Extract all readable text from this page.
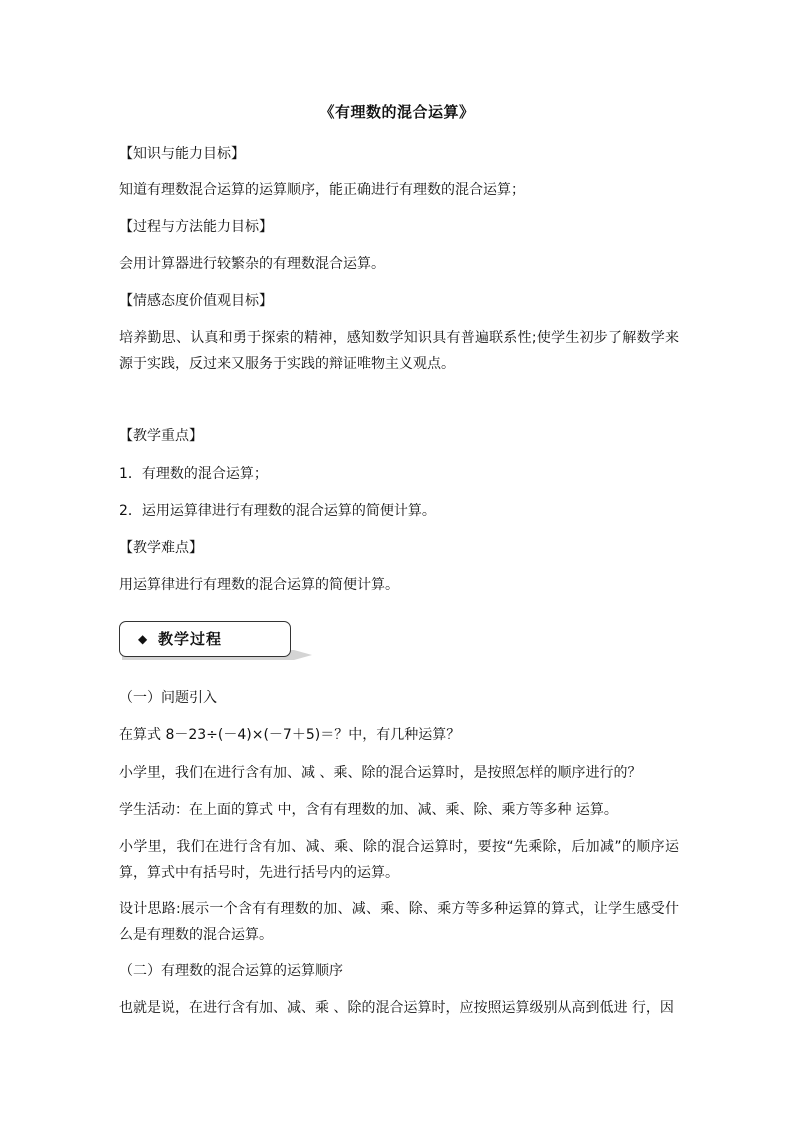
《有理数的混合运算》
【知识与能力目标】
知道有理数混合运算的运算顺序，能正确进行有理数的混合运算；
【过程与方法能力目标】
会用计算器进行较繁杂的有理数混合运算。
【情感态度价值观目标】
培养勤思、认真和勇于探索的精神，感知数学知识具有普遍联系性;使学生初步了解数学来源于实践，反过来又服务于实践的辩证唯物主义观点。
【教学重点】
1．有理数的混合运算；
2．运用运算律进行有理数的混合运算的简便计算。
【教学难点】
用运算律进行有理数的混合运算的简便计算。
◆ 教学过程
（一）问题引入
在算式 8－23÷(－4)×(－7＋5)＝？中，有几种运算？
小学里，我们在进行含有加、减 、乘、除的混合运算时，是按照怎样的顺序进行的？
学生活动：在上面的算式 中，含有有理数的加、减、乘、除、乘方等多种 运算。
小学里，我们在进行含有加、减、乘、除的混合运算时，要按“先乘除，后加减”的顺序运算，算式中有括号时，先进行括号内的运算。
设计思路:展示一个含有有理数的加、减、乘、除、乘方等多种运算的算式，让学生感受什么是有理数的混合运算。
（二）有理数的混合运算的运算顺序
也就是说，在进行含有加、减、乘 、除的混合运算时，应按照运算级别从高到低进 行，因
